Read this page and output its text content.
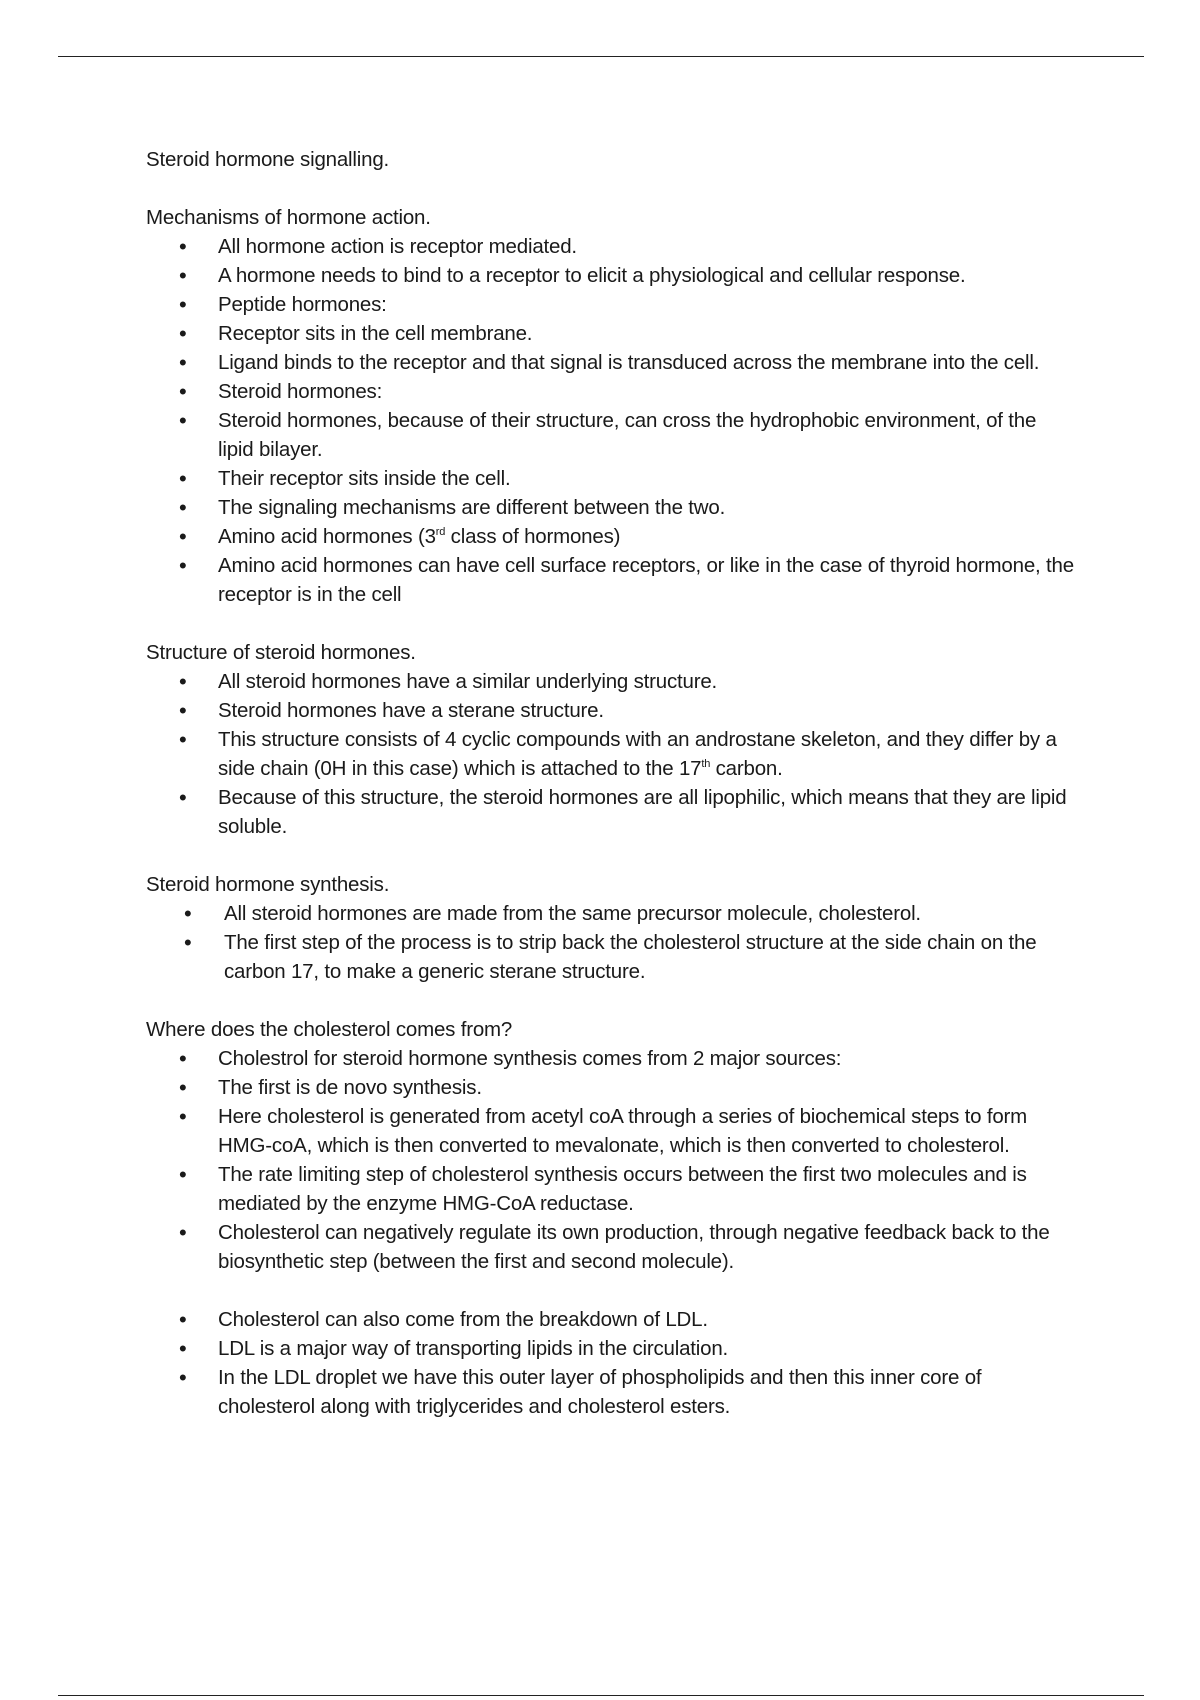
Steroid hormone signalling.

Mechanisms of hormone action.

• All hormone action is receptor mediated.
• A hormone needs to bind to a receptor to elicit a physiological and cellular response.
• Peptide hormones:
• Receptor sits in the cell membrane.
• Ligand binds to the receptor and that signal is transduced across the membrane into the cell.
• Steroid hormones:
• Steroid hormones, because of their structure, can cross the hydrophobic environment, of the lipid bilayer.
• Their receptor sits inside the cell.
• The signaling mechanisms are different between the two.
• Amino acid hormones (3rd class of hormones)
• Amino acid hormones can have cell surface receptors, or like in the case of thyroid hormone, the receptor is in the cell

Structure of steroid hormones.

• All steroid hormones have a similar underlying structure.
• Steroid hormones have a sterane structure.
• This structure consists of 4 cyclic compounds with an androstane skeleton, and they differ by a side chain (0H in this case) which is attached to the 17th carbon.
• Because of this structure, the steroid hormones are all lipophilic, which means that they are lipid soluble.

Steroid hormone synthesis.

• All steroid hormones are made from the same precursor molecule, cholesterol.
• The first step of the process is to strip back the cholesterol structure at the side chain on the carbon 17, to make a generic sterane structure.

Where does the cholesterol comes from?

• Cholestrol for steroid hormone synthesis comes from 2 major sources:
• The first is de novo synthesis.
• Here cholesterol is generated from acetyl coA through a series of biochemical steps to form HMG-coA, which is then converted to mevalonate, which is then converted to cholesterol.
• The rate limiting step of cholesterol synthesis occurs between the first two molecules and is mediated by the enzyme HMG-CoA reductase.
• Cholesterol can negatively regulate its own production, through negative feedback back to the biosynthetic step (between the first and second molecule).
• Cholesterol can also come from the breakdown of LDL.
• LDL is a major way of transporting lipids in the circulation.
• In the LDL droplet we have this outer layer of phospholipids and then this inner core of cholesterol along with triglycerides and cholesterol esters.
